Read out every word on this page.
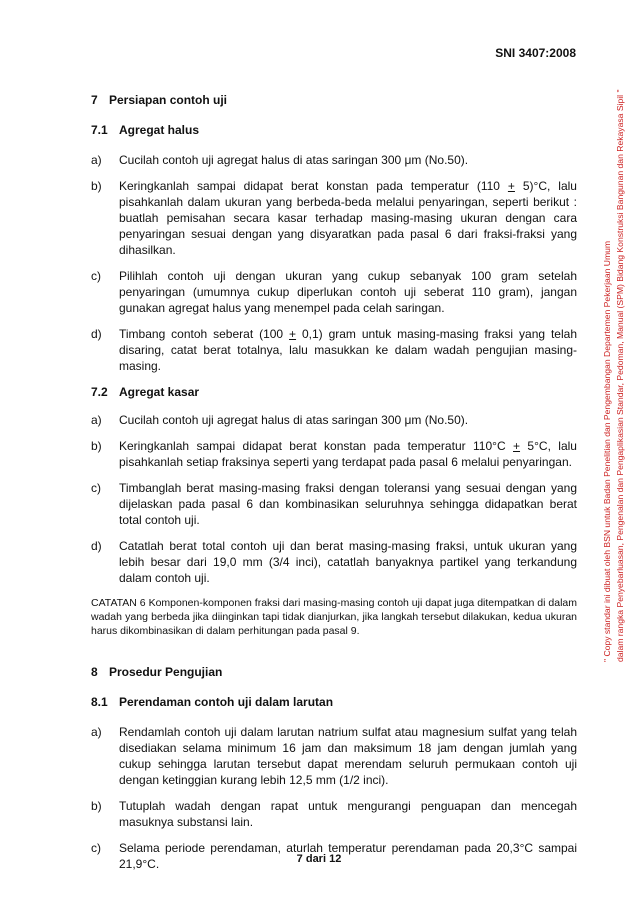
SNI 3407:2008
" Copy standar ini dibuat oleh BSN untuk Badan Penelitian dan Pengembangan Departemen Pekerjaan Umum dalam rangka Penyebarluasan, Pengenalan dan Pengaplikasian Standar, Pedoman, Manual (SPM) Bidang Konstruksi Bangunan dan Rekayasa Sipil "

7 Persiapan contoh uji

7.1 Agregat halus

a) Cucilah contoh uji agregat halus di atas saringan 300 μm (No.50).
b) Keringkanlah sampai didapat berat konstan pada temperatur (110 + 5)°C, lalu pisahkanlah dalam ukuran yang berbeda-beda melalui penyaringan, seperti berikut : buatlah pemisahan secara kasar terhadap masing-masing ukuran dengan cara penyaringan sesuai dengan yang disyaratkan pada pasal 6 dari fraksi-fraksi yang dihasilkan.
c) Pilihlah contoh uji dengan ukuran yang cukup sebanyak 100 gram setelah penyaringan (umumnya cukup diperlukan contoh uji seberat 110 gram), jangan gunakan agregat halus yang menempel pada celah saringan.
d) Timbang contoh seberat (100 + 0,1) gram untuk masing-masing fraksi yang telah disaring, catat berat totalnya, lalu masukkan ke dalam wadah pengujian masing-masing.

7.2 Agregat kasar

a) Cucilah contoh uji agregat halus di atas saringan 300 μm (No.50).
b) Keringkanlah sampai didapat berat konstan pada temperatur 110°C + 5°C, lalu pisahkanlah setiap fraksinya seperti yang terdapat pada pasal 6 melalui penyaringan.
c) Timbanglah berat masing-masing fraksi dengan toleransi yang sesuai dengan yang dijelaskan pada pasal 6 dan kombinasikan seluruhnya sehingga didapatkan berat total contoh uji.
d) Catatlah berat total contoh uji dan berat masing-masing fraksi, untuk ukuran yang lebih besar dari 19,0 mm (3/4 inci), catatlah banyaknya partikel yang terkandung dalam contoh uji.

CATATAN 6 Komponen-komponen fraksi dari masing-masing contoh uji dapat juga ditempatkan di dalam wadah yang berbeda jika diinginkan tapi tidak dianjurkan, jika langkah tersebut dilakukan, kedua ukuran harus dikombinasikan di dalam perhitungan pada pasal 9.

8 Prosedur Pengujian

8.1 Perendaman contoh uji dalam larutan

a) Rendamlah contoh uji dalam larutan natrium sulfat atau magnesium sulfat yang telah disediakan selama minimum 16 jam dan maksimum 18 jam dengan jumlah yang cukup sehingga larutan tersebut dapat merendam seluruh permukaan contoh uji dengan ketinggian kurang lebih 12,5 mm (1/2 inci).
b) Tutuplah wadah dengan rapat untuk mengurangi penguapan dan mencegah masuknya substansi lain.
c) Selama periode perendaman, aturlah temperatur perendaman pada 20,3°C sampai 21,9°C.	7 dari 12
